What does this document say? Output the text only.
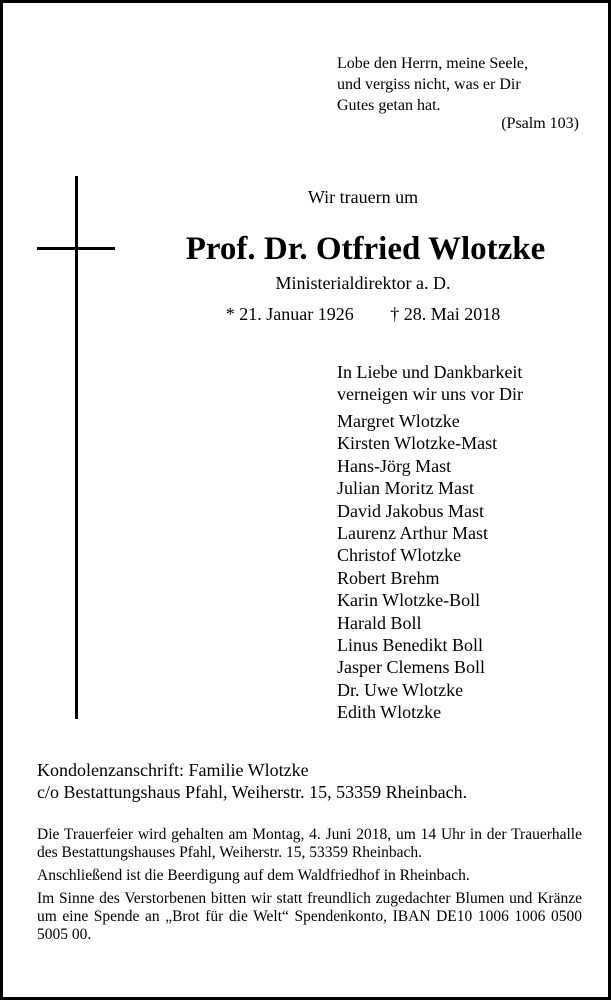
Lobe den Herrn, meine Seele,
und vergiss nicht, was er Dir
Gutes getan hat.
(Psalm 103)
Wir trauern um
Prof. Dr. Otfried Wlotzke
Ministerialdirektor a. D.
* 21. Januar 1926 † 28. Mai 2018
In Liebe und Dankbarkeit
verneigen wir uns vor Dir
Margret Wlotzke
Kirsten Wlotzke-Mast
Hans-Jörg Mast
Julian Moritz Mast
David Jakobus Mast
Laurenz Arthur Mast
Christof Wlotzke
Robert Brehm
Karin Wlotzke-Boll
Harald Boll
Linus Benedikt Boll
Jasper Clemens Boll
Dr. Uwe Wlotzke
Edith Wlotzke
Kondolenzanschrift: Familie Wlotzke
c/o Bestattungshaus Pfahl, Weiherstr. 15, 53359 Rheinbach.

Die Trauerfeier wird gehalten am Montag, 4. Juni 2018, um 14 Uhr in der Trauerhalle des Bestattungshauses Pfahl, Weiherstr. 15, 53359 Rheinbach.

Anschließend ist die Beerdigung auf dem Waldfriedhof in Rheinbach.

Im Sinne des Verstorbenen bitten wir statt freundlich zugedachter Blumen und Kränze um eine Spende an „Brot für die Welt“ Spendenkonto, IBAN DE10 1006 1006 0500 5005 00.
